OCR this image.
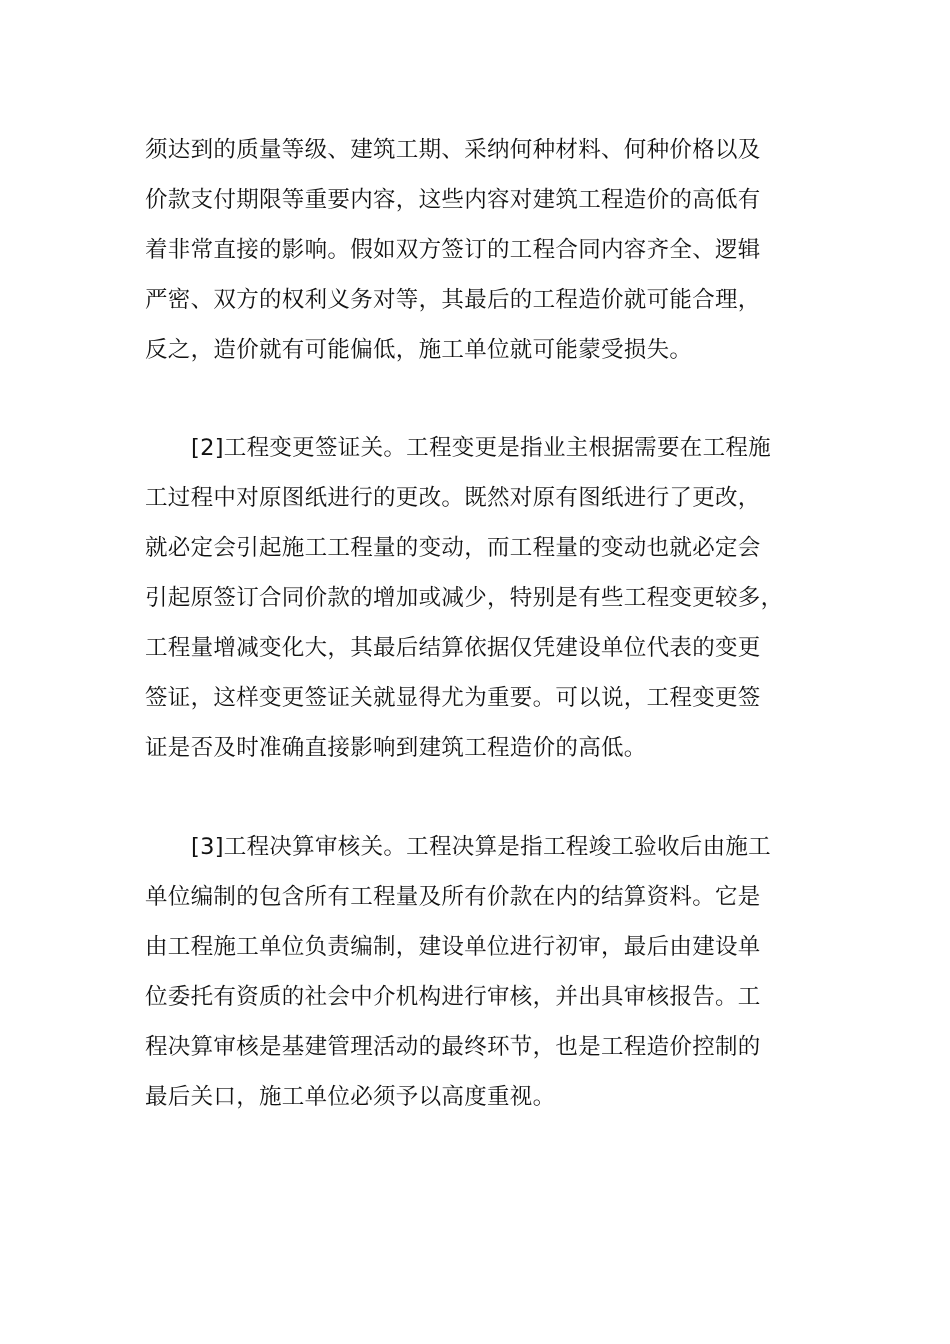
须达到的质量等级、建筑工期、采纳何种材料、何种价格以及
价款支付期限等重要内容，这些内容对建筑工程造价的高低有
着非常直接的影响。假如双方签订的工程合同内容齐全、逻辑
严密、双方的权利义务对等，其最后的工程造价就可能合理，
反之，造价就有可能偏低，施工单位就可能蒙受损失。
[2]工程变更签证关。工程变更是指业主根据需要在工程施
工过程中对原图纸进行的更改。既然对原有图纸进行了更改，
就必定会引起施工工程量的变动，而工程量的变动也就必定会
引起原签订合同价款的增加或减少，特别是有些工程变更较多，
工程量增减变化大，其最后结算依据仅凭建设单位代表的变更
签证，这样变更签证关就显得尤为重要。可以说，工程变更签
证是否及时准确直接影响到建筑工程造价的高低。
[3]工程决算审核关。工程决算是指工程竣工验收后由施工
单位编制的包含所有工程量及所有价款在内的结算资料。它是
由工程施工单位负责编制，建设单位进行初审，最后由建设单
位委托有资质的社会中介机构进行审核，并出具审核报告。工
程决算审核是基建管理活动的最终环节，也是工程造价控制的
最后关口，施工单位必须予以高度重视。
